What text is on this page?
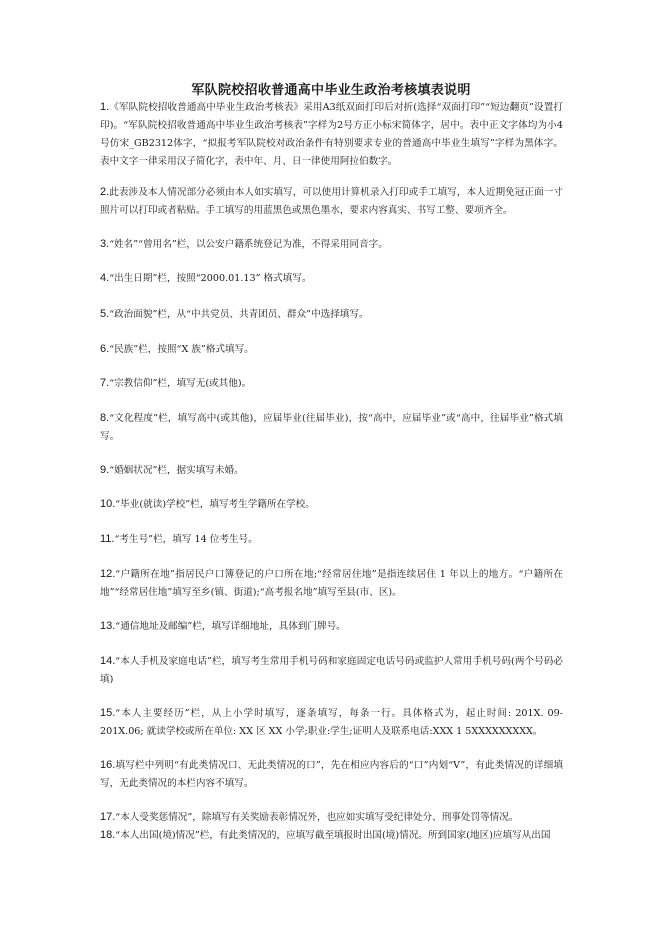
军队院校招收普通高中毕业生政治考核填表说明
1.《军队院校招收普通高中毕业生政治考核表》采用A3纸双面打印后对折(选择“双面打印”“短边翻页”设置打印)。“军队院校招收普通高中毕业生政治考核表”字样为2号方正小标宋简体字，居中。表中正文字体均为小4号仿宋_GB2312体字，“拟报考军队院校对政治条件有特别要求专业的普通高中毕业生填写”字样为黑体字。表中文字一律采用汉子简化字，表中年、月、日一律使用阿拉伯数字。
2.此表涉及本人情况部分必须由本人如实填写，可以使用计算机录入打印或手工填写，本人近期免冠正面一寸照片可以打印或者粘贴。手工填写的用蓝黑色或黑色墨水，要求内容真实、书写工整、要项齐全。
3.“姓名”“曾用名”栏，以公安户籍系统登记为准，不得采用同音字。
4.“出生日期”栏，按照“2000.01.13” 格式填写。
5.“政治面貌”栏，从“中共党员、共青团员、群众”中选择填写。
6.“民族”栏，按照“X 族”格式填写。
7.“宗教信仰”栏，填写无(或其他)。
8.“文化程度”栏，填写高中(或其他)，应届毕业(往届毕业)，按“高中，应届毕业”或“高中，往届毕业”格式填写。
9.“婚姻状况”栏，据实填写未婚。
10.“毕业(就读)学校”栏，填写考生学籍所在学校。
11.“考生号”栏，填写 14 位考生号。
12.“户籍所在地”指居民户口簿登记的户口所在地;“经常居住地”是指连续居住 1 年以上的地方。“户籍所在地”“经常居住地”填写至乡(镇、街道);“高考报名地”填写至县(市、区)。
13.“通信地址及邮编”栏，填写详细地址，具体到门牌号。
14.“本人手机及家庭电话”栏，填写考生常用手机号码和家庭固定电话号码或监护人常用手机号码(两个号码必填)
15.“本人主要经历”栏，从上小学时填写，逐条填写，每条一行。具体格式为，起止时间: 201X. 09-201X.06; 就读学校或所在单位: XX 区 XX 小学;职业:学生;证明人及联系电话:XXX 1 5XXXXXXXXX。
16.填写栏中列明“有此类情况口、无此类情况的口”，先在相应内容后的“口”内划“V”，有此类情况的详细填写，无此类情况的本栏内容不填写。
17.“本人受奖惩情况”，除填写有关奖励表彰情况外，也应如实填写受纪律处分、刑事处罚等情况。
18.“本人出国(境)情况”栏，有此类情况的，应填写截至填报时出国(境)情况。所到国家(地区)应填写从出国
